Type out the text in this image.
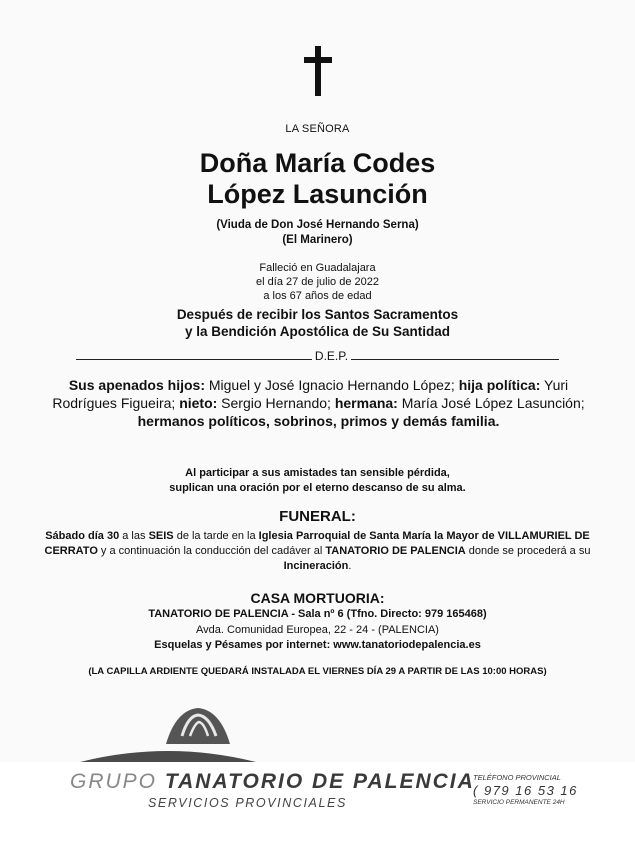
LA SEÑORA
Doña María Codes
López Lasunción
(Viuda de Don José Hernando Serna)
(El Marinero)
Falleció en Guadalajara
el día 27 de julio de 2022
a los 67 años de edad
Después de recibir los Santos Sacramentos
y la Bendición Apostólica de Su Santidad
D.E.P.
Sus apenados hijos: Miguel y José Ignacio Hernando López; hija política: Yuri Rodrígues Figueira; nieto: Sergio Hernando; hermana: María José López Lasunción; hermanos políticos, sobrinos, primos y demás familia.
Al participar a sus amistades tan sensible pérdida,
suplican una oración por el eterno descanso de su alma.
FUNERAL:
Sábado día 30 a las SEIS de la tarde en la Iglesia Parroquial de Santa María la Mayor de VILLAMURIEL DE CERRATO y a continuación la conducción del cadáver al TANATORIO DE PALENCIA donde se procederá a su Incineración.
CASA MORTUORIA:
TANATORIO DE PALENCIA - Sala nº 6 (Tfno. Directo: 979 165468)
Avda. Comunidad Europea, 22 - 24 - (PALENCIA)
Esquelas y Pésames por internet: www.tanatoriodepalencia.es
(LA CAPILLA ARDIENTE QUEDARÁ INSTALADA EL VIERNES DÍA 29 A PARTIR DE LAS 10:00 HORAS)
GRUPO TANATORIO DE PALENCIA
SERVICIOS PROVINCIALES
TELÉFONO PROVINCIAL
( 979 16 53 16
SERVICIO PERMANENTE 24H
